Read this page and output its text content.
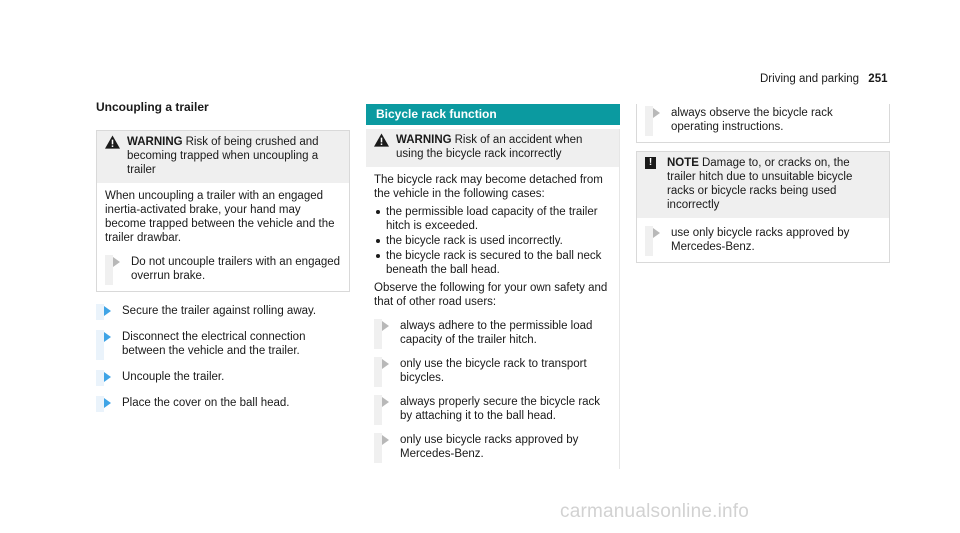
Driving and parking 251
Uncoupling a trailer
WARNING Risk of being crushed and becoming trapped when uncoupling a trailer
When uncoupling a trailer with an engaged inertia-activated brake, your hand may become trapped between the vehicle and the trailer drawbar.
Do not uncouple trailers with an engaged overrun brake.
Secure the trailer against rolling away.
Disconnect the electrical connection between the vehicle and the trailer.
Uncouple the trailer.
Place the cover on the ball head.
Bicycle rack function
WARNING Risk of an accident when using the bicycle rack incorrectly
The bicycle rack may become detached from the vehicle in the following cases:
the permissible load capacity of the trailer hitch is exceeded.
the bicycle rack is used incorrectly.
the bicycle rack is secured to the ball neck beneath the ball head.
Observe the following for your own safety and that of other road users:
always adhere to the permissible load capacity of the trailer hitch.
only use the bicycle rack to transport bicycles.
always properly secure the bicycle rack by attaching it to the ball head.
only use bicycle racks approved by Mercedes-Benz.
always observe the bicycle rack operating instructions.
!	NOTE Damage to, or cracks on, the trailer hitch due to unsuitable bicycle racks or bicycle racks being used incorrectly
use only bicycle racks approved by Mercedes-Benz.
carmanualsonline.info
